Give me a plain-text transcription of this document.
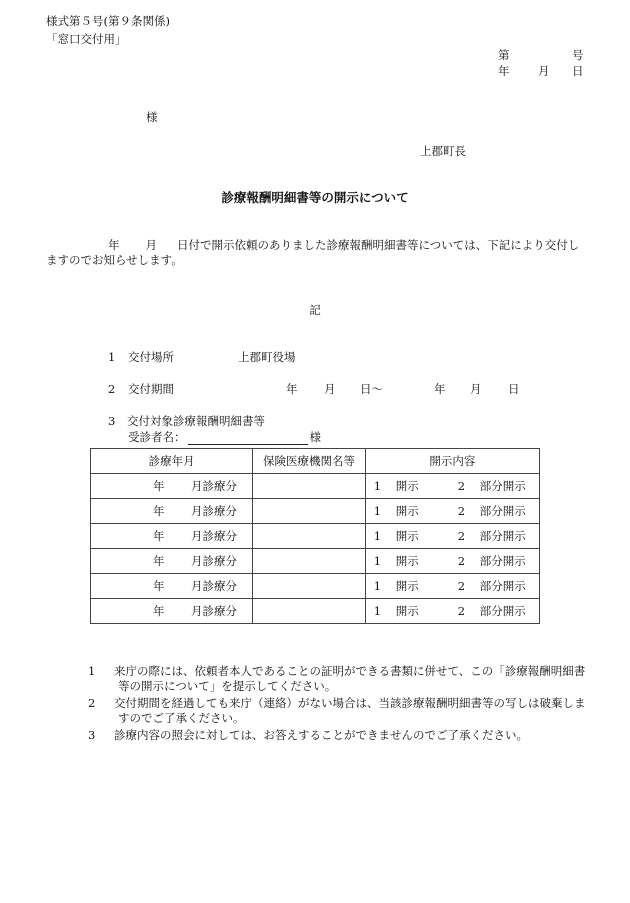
様式第５号(第９条関係)
「窓口交付用」
第	号
年 月 日
様
上郡町長
診療報酬明細書等の開示について
年 月 日付で開示依頼のありました診療報酬明細書等については、下記により交付しますのでお知らせします。
記
1 交付場所	上郡町役場
2 交付期間	年 月 日～	年 月 日
3 交付対象診療報酬明細書等
受診者名：	様
診療年月	保険医療機関名等	開示内容

年 月診療分		1 開示 2 部分開示

年 月診療分		1 開示 2 部分開示

年 月診療分		1 開示 2 部分開示

年 月診療分		1 開示 2 部分開示

年 月診療分		1 開示 2 部分開示

年 月診療分		1 開示 2 部分開示
1	来庁の際には、依頼者本人であることの証明ができる書類に併せて、この「診療報酬明細書等の開示について」を提示してください。
2	交付期間を経過しても来庁（連絡）がない場合は、当該診療報酬明細書等の写しは破棄しますのでご了承ください。
3	診療内容の照会に対しては、お答えすることができませんのでご了承ください。
